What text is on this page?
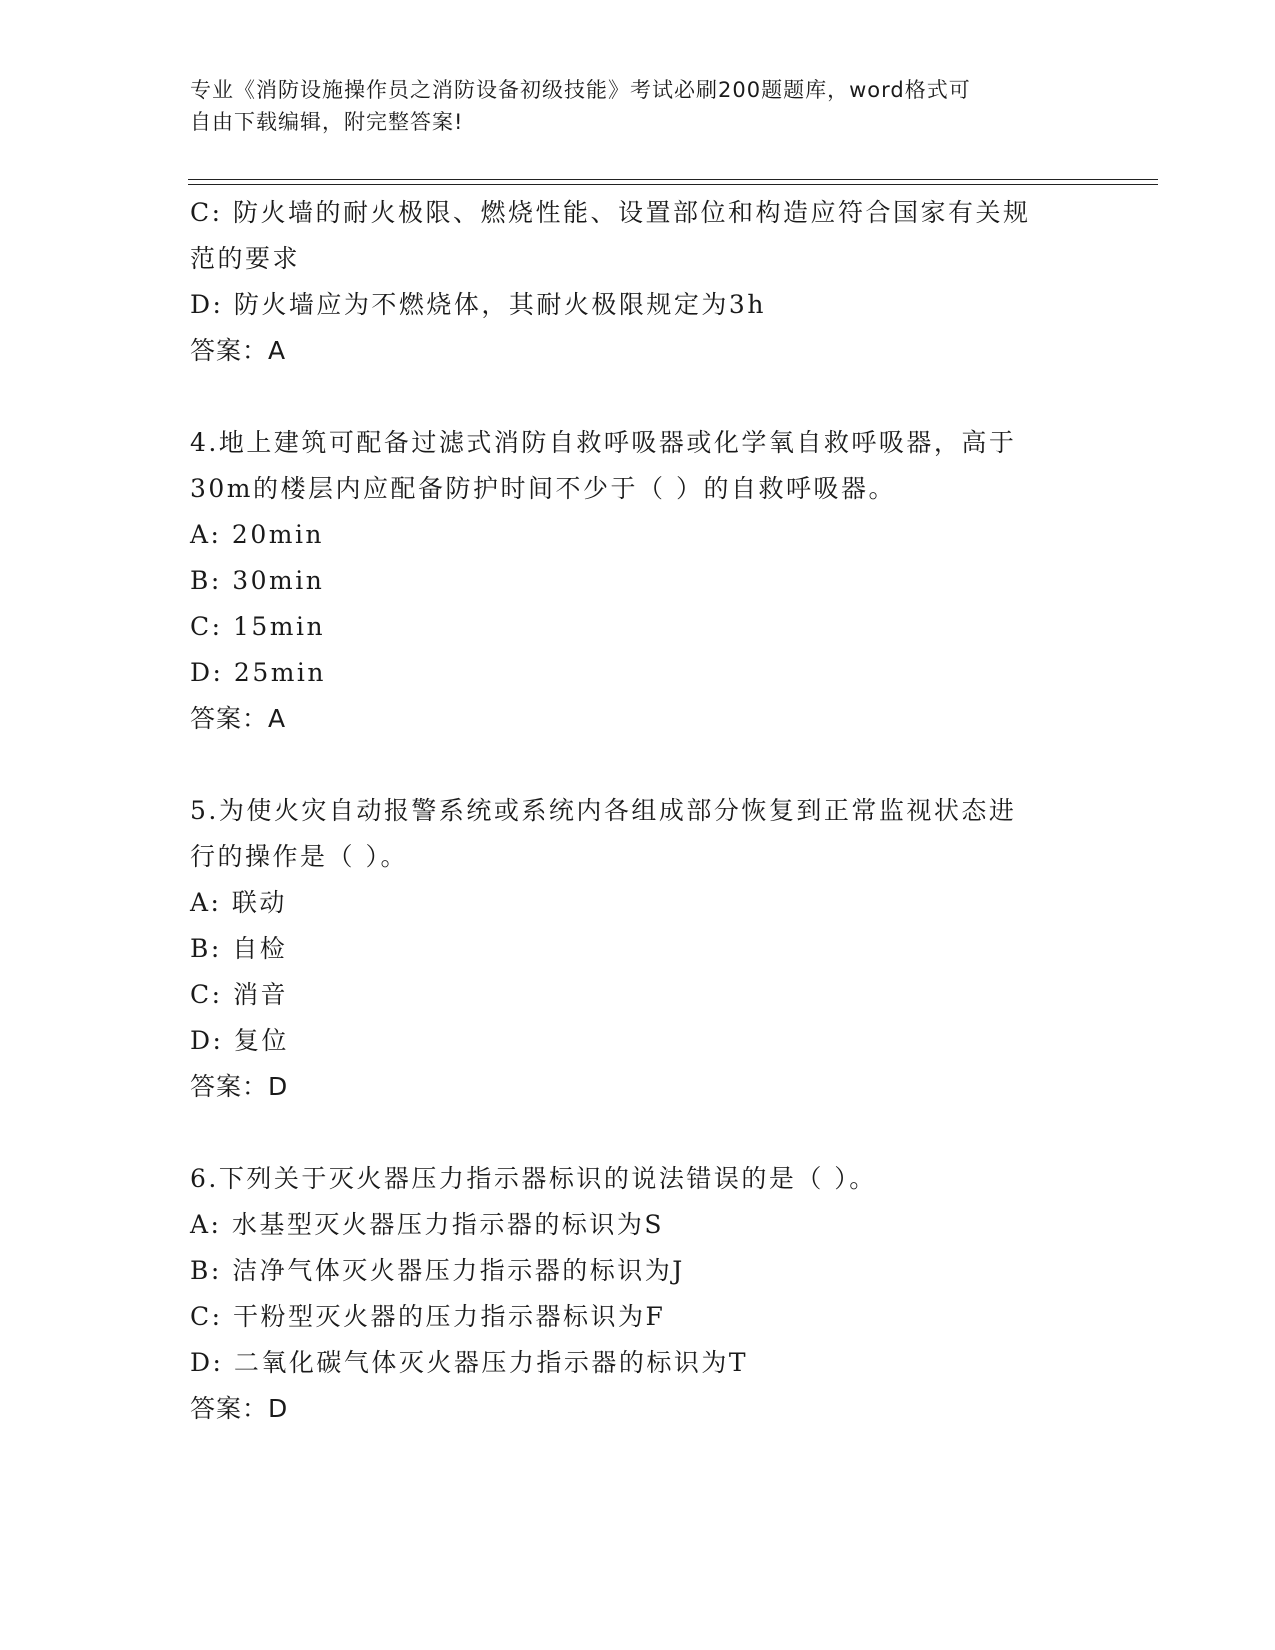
专业《消防设施操作员之消防设备初级技能》考试必刷200题题库，word格式可
自由下载编辑，附完整答案!
C: 防火墙的耐火极限、燃烧性能、设置部位和构造应符合国家有关规
范的要求
D: 防火墙应为不燃烧体，其耐火极限规定为3h
答案：A
4.地上建筑可配备过滤式消防自救呼吸器或化学氧自救呼吸器，高于
30m的楼层内应配备防护时间不少于（ ）的自救呼吸器。
A: 20min
B: 30min
C: 15min
D: 25min
答案：A
5.为使火灾自动报警系统或系统内各组成部分恢复到正常监视状态进
行的操作是（ ）。
A: 联动
B: 自检
C: 消音
D: 复位
答案：D
6.下列关于灭火器压力指示器标识的说法错误的是（ ）。
A: 水基型灭火器压力指示器的标识为S
B: 洁净气体灭火器压力指示器的标识为J
C: 干粉型灭火器的压力指示器标识为F
D: 二氧化碳气体灭火器压力指示器的标识为T
答案：D
